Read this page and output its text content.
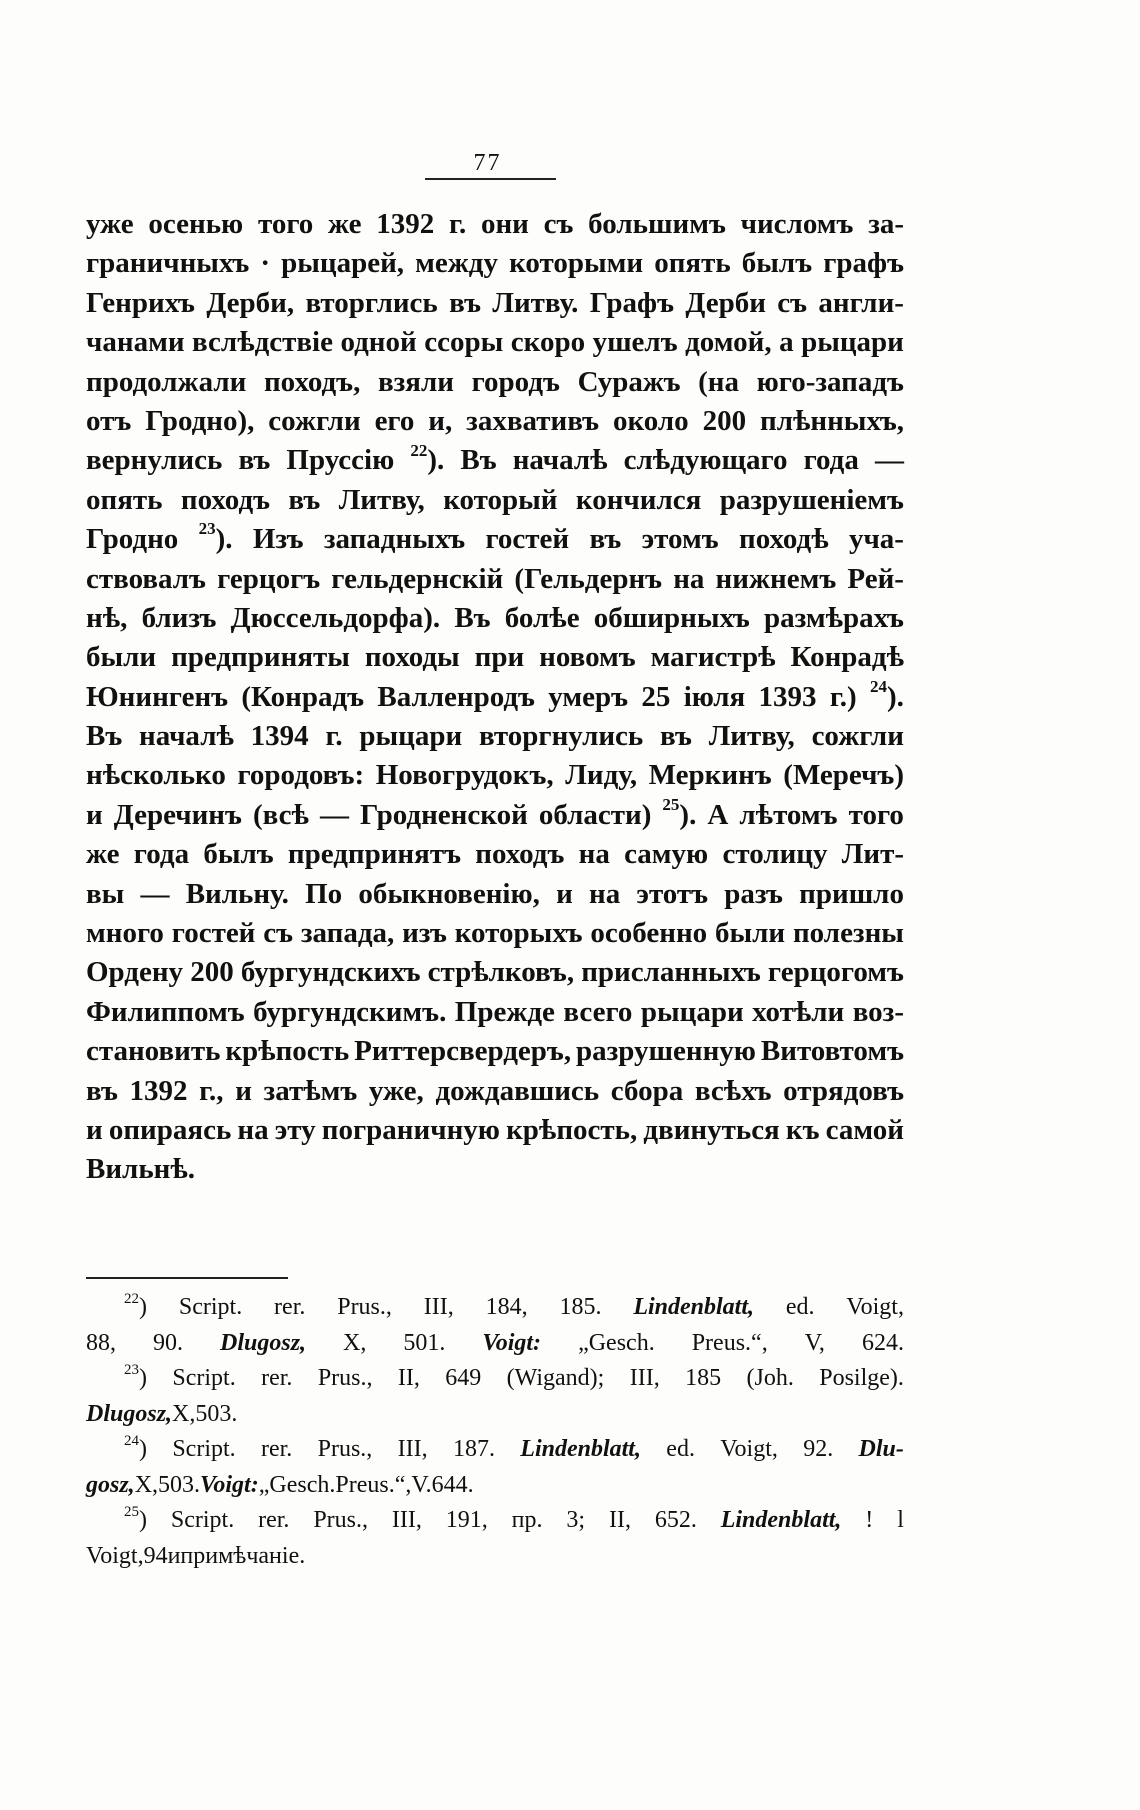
77
уже осенью того же 1392 г. они съ большимъ числомъ за-
граничныхъ · рыцарей, между которыми опять былъ графъ
Генрихъ Дерби, вторглись въ Литву. Графъ Дерби съ англи-
чанами вслѣдствiе одной ссоры скоро ушелъ домой, а рыцари
продолжали походъ, взяли городъ Суражъ (на юго-западъ
отъ Гродно), сожгли его и, захвативъ около 200 плѣнныхъ,
вернулись въ Пруссiю $^{22}$). Въ началѣ слѣдующаго года —
опять походъ въ Литву, который кончился разрушенiемъ
Гродно $^{23}$). Изъ западныхъ гостей въ этомъ походѣ уча-
ствовалъ герцогъ гельдернскiй (Гельдернъ на нижнемъ Рей-
нѣ, близъ Дюссельдорфа). Въ болѣе обширныхъ размѣрахъ
были предприняты походы при новомъ магистрѣ Конрадѣ
Юнингенъ (Конрадъ Валленродъ умеръ 25 iюля 1393 г.) $^{24}$).
Въ началѣ 1394 г. рыцари вторгнулись въ Литву, сожгли
нѣсколько городовъ: Новогрудокъ, Лиду, Меркинъ (Меречъ)
и Деречинъ (всѣ — Гродненской области) $^{25}$). А лѣтомъ того
же года былъ предпринятъ походъ на самую столицу Лит-
вы — Вильну. По обыкновенiю, и на этотъ разъ пришло
много гостей съ запада, изъ которыхъ особенно были полезны
Ордену 200 бургундскихъ стрѣлковъ, присланныхъ герцогомъ
Филиппомъ бургундскимъ. Прежде всего рыцари хотѣли воз-
становить крѣпость Риттерсвердеръ, разрушенную Витовтомъ
въ 1392 г., и затѣмъ уже, дождавшись сбора всѣхъ отрядовъ
и опираясь на эту пограничную крѣпость, двинуться къ самой
Вильнѣ.
$^{22}$) Script. rer. Prus., III, 184, 185. Lindenblatt, ed. Voigt,
88, 90. Dlugosz, X, 501. Voigt: „Gesch. Preus.“, V, 624.
$^{23}$) Script. rer. Prus., II, 649 (Wigand); III, 185 (Joh. Posilge).
Dlugosz, X, 503.
$^{24}$) Script. rer. Prus., III, 187. Lindenblatt, ed. Voigt, 92. Dlu-
gosz, X, 503. Voigt: „Gesch. Preus.“, V. 644.
$^{25}$) Script. rer. Prus., III, 191, пр. 3; II, 652. Lindenblatt, ! l
Voigt, 94 и примѣчанiе.
